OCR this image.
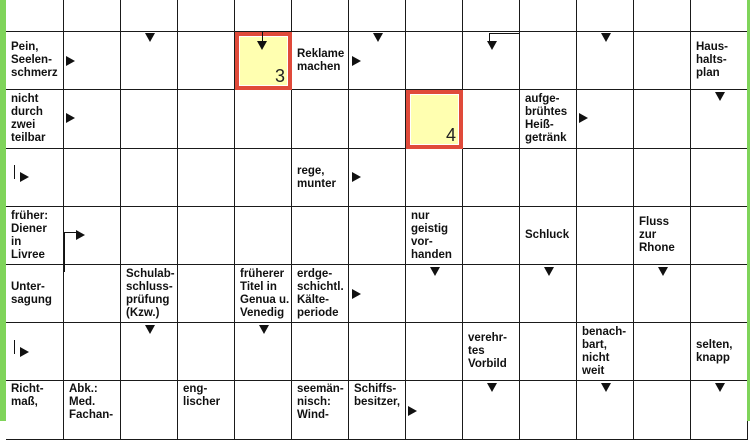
Pein,
Seelen-
schmerz
Reklame
machen
Haus-
halts-
plan
nicht
durch
zwei
teilbar
aufge-
brühtes
Heiß-
getränk
rege,
munter
früher:
Diener
in
Livree
nur
geistig
vor-
handen
Schluck
Fluss
zur
Rhone
Unter-
sagung
Schulab-
schluss-
prüfung
(Kzw.)
früherer
Titel in
Genua u.
Venedig
erdge-
schichtl.
Kälte-
periode
verehr-
tes
Vorbild
benach-
bart,
nicht
weit
selten,
knapp
Richt-
maß,
Abk.:
Med.
Fachan-
eng-
lischer
seemän-
nisch:
Wind-
Schiffs-
besitzer,
3
4
